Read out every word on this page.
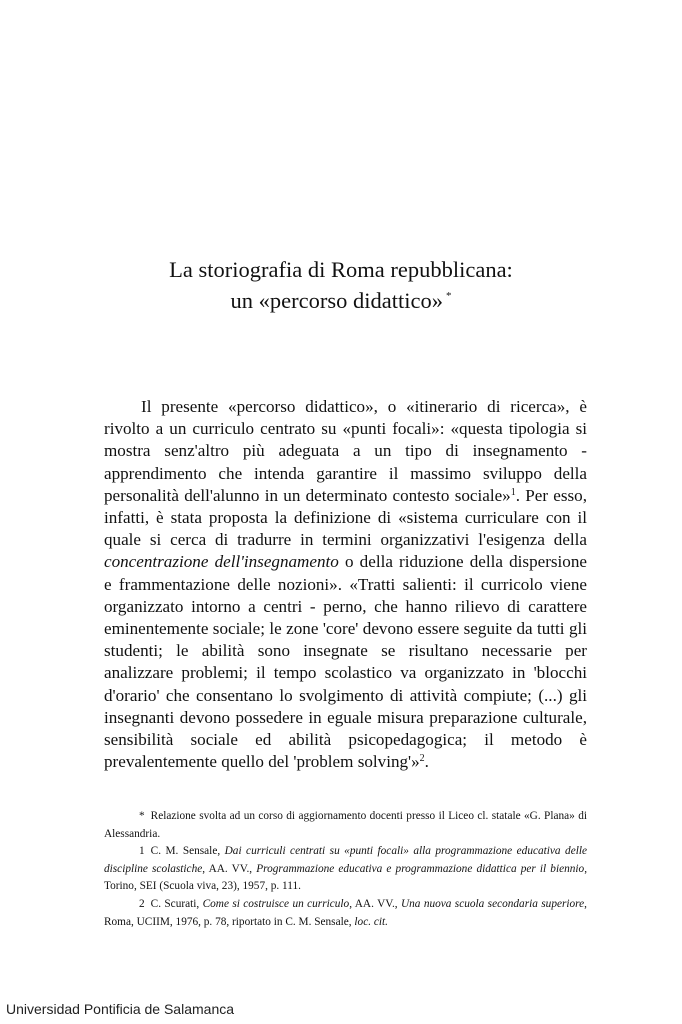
La storiografia di Roma repubblicana:
un «percorso didattico» *

Il presente «percorso didattico», o «itinerario di ricerca», è rivolto a un curriculo centrato su «punti focali»: «questa tipologia si mostra senz'altro più adeguata a un tipo di insegnamento - apprendimento che intenda garantire il massimo sviluppo della personalità dell'alunno in un determinato contesto sociale»$^1$. Per esso, infatti, è stata proposta la definizione di «sistema curriculare con il quale si cerca di tradurre in termini organizzativi l'esigenza della concentrazione dell'insegnamento o della riduzione della dispersione e frammentazione delle nozioni». «Tratti salienti: il curricolo viene organizzato intorno a centri - perno, che hanno rilievo di carattere eminentemente sociale; le zone 'core' devono essere seguite da tutti gli studenti; le abilità sono insegnate se risultano necessarie per analizzare problemi; il tempo scolastico va organizzato in 'blocchi d'orario' che consentano lo svolgimento di attività compiute; (...) gli insegnanti devono possedere in eguale misura preparazione culturale, sensibilità sociale ed abilità psicopedagogica; il metodo è prevalentemente quello del 'problem solving'»$^2$.

* Relazione svolta ad un corso di aggiornamento docenti presso il Liceo cl. statale «G. Plana» di Alessandria.

1 C. M. Sensale, Dai curriculi centrati su «punti focali» alla programmazione educativa delle discipline scolastiche, AA. VV., Programmazione educativa e programmazione didattica per il biennio, Torino, SEI (Scuola viva, 23), 1957, p. 111.

2 C. Scurati, Come si costruisce un curriculo, AA. VV., Una nuova scuola secondaria superiore, Roma, UCIIM, 1976, p. 78, riportato in C. M. Sensale, loc. cit.

Universidad Pontificia de Salamanca
